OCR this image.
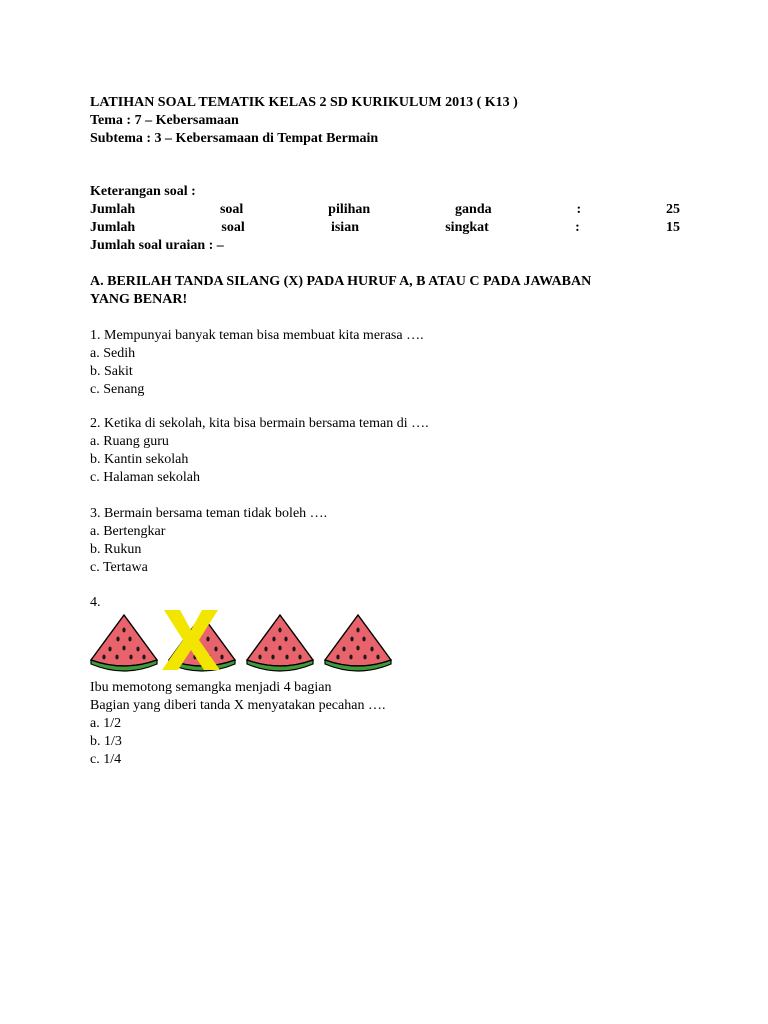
LATIHAN SOAL TEMATIK KELAS 2 SD KURIKULUM 2013 ( K13 )
Tema : 7 – Kebersamaan
Subtema : 3 – Kebersamaan di Tempat Bermain
Keterangan soal :
Jumlah	soal	pilihan	ganda	:	25
Jumlah	soal	isian	singkat	:	15
Jumlah soal uraian : –
A. BERILAH TANDA SILANG (X) PADA HURUF A, B ATAU C PADA JAWABAN
YANG BENAR!
1. Mempunyai banyak teman bisa membuat kita merasa ….
a. Sedih
b. Sakit
c. Senang
2. Ketika di sekolah, kita bisa bermain bersama teman di ….
a. Ruang guru
b. Kantin sekolah
c. Halaman sekolah
3. Bermain bersama teman tidak boleh ….
a. Bertengkar
b. Rukun
c. Tertawa
4.
Ibu memotong semangka menjadi 4 bagian
Bagian yang diberi tanda X menyatakan pecahan ….
a. 1/2
b. 1/3
c. 1/4
